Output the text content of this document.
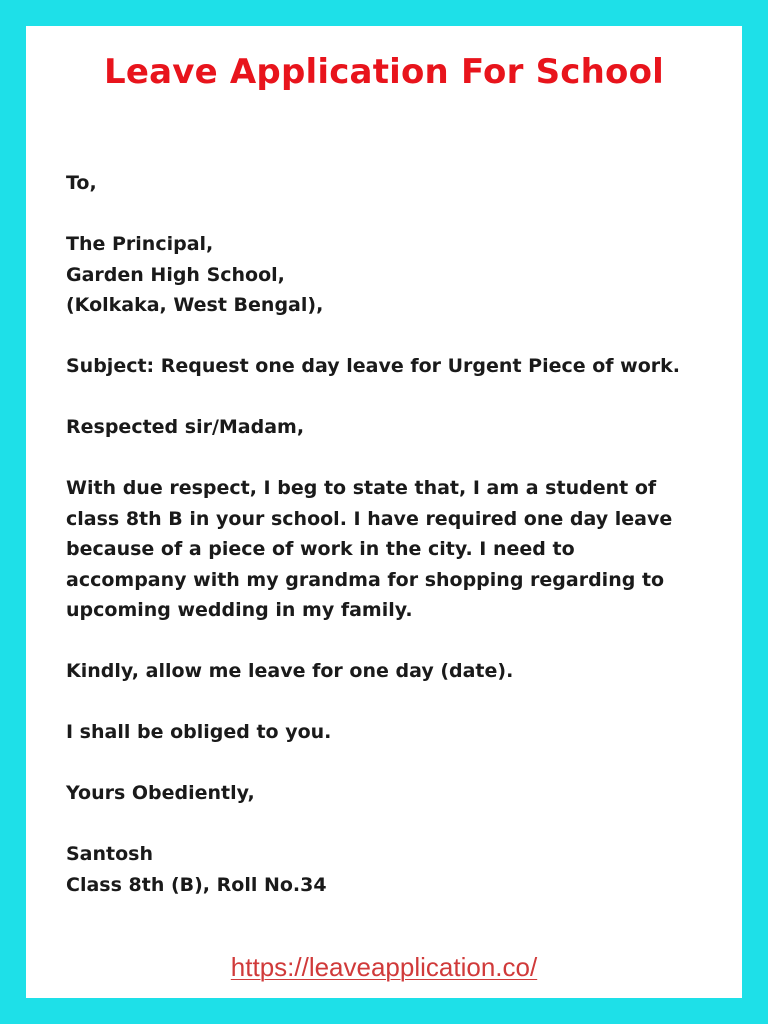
Leave Application For School
To,
The Principal,
Garden High School,
(Kolkaka, West Bengal),
Subject: Request one day leave for Urgent Piece of work.
Respected sir/Madam,
With due respect, I beg to state that, I am a student of
class 8th B in your school. I have required one day leave
because of a piece of work in the city. I need to
accompany with my grandma for shopping regarding to
upcoming wedding in my family.
Kindly, allow me leave for one day (date).
I shall be obliged to you.
Yours Obediently,
Santosh
Class 8th (B), Roll No.34
https://leaveapplication.co/
